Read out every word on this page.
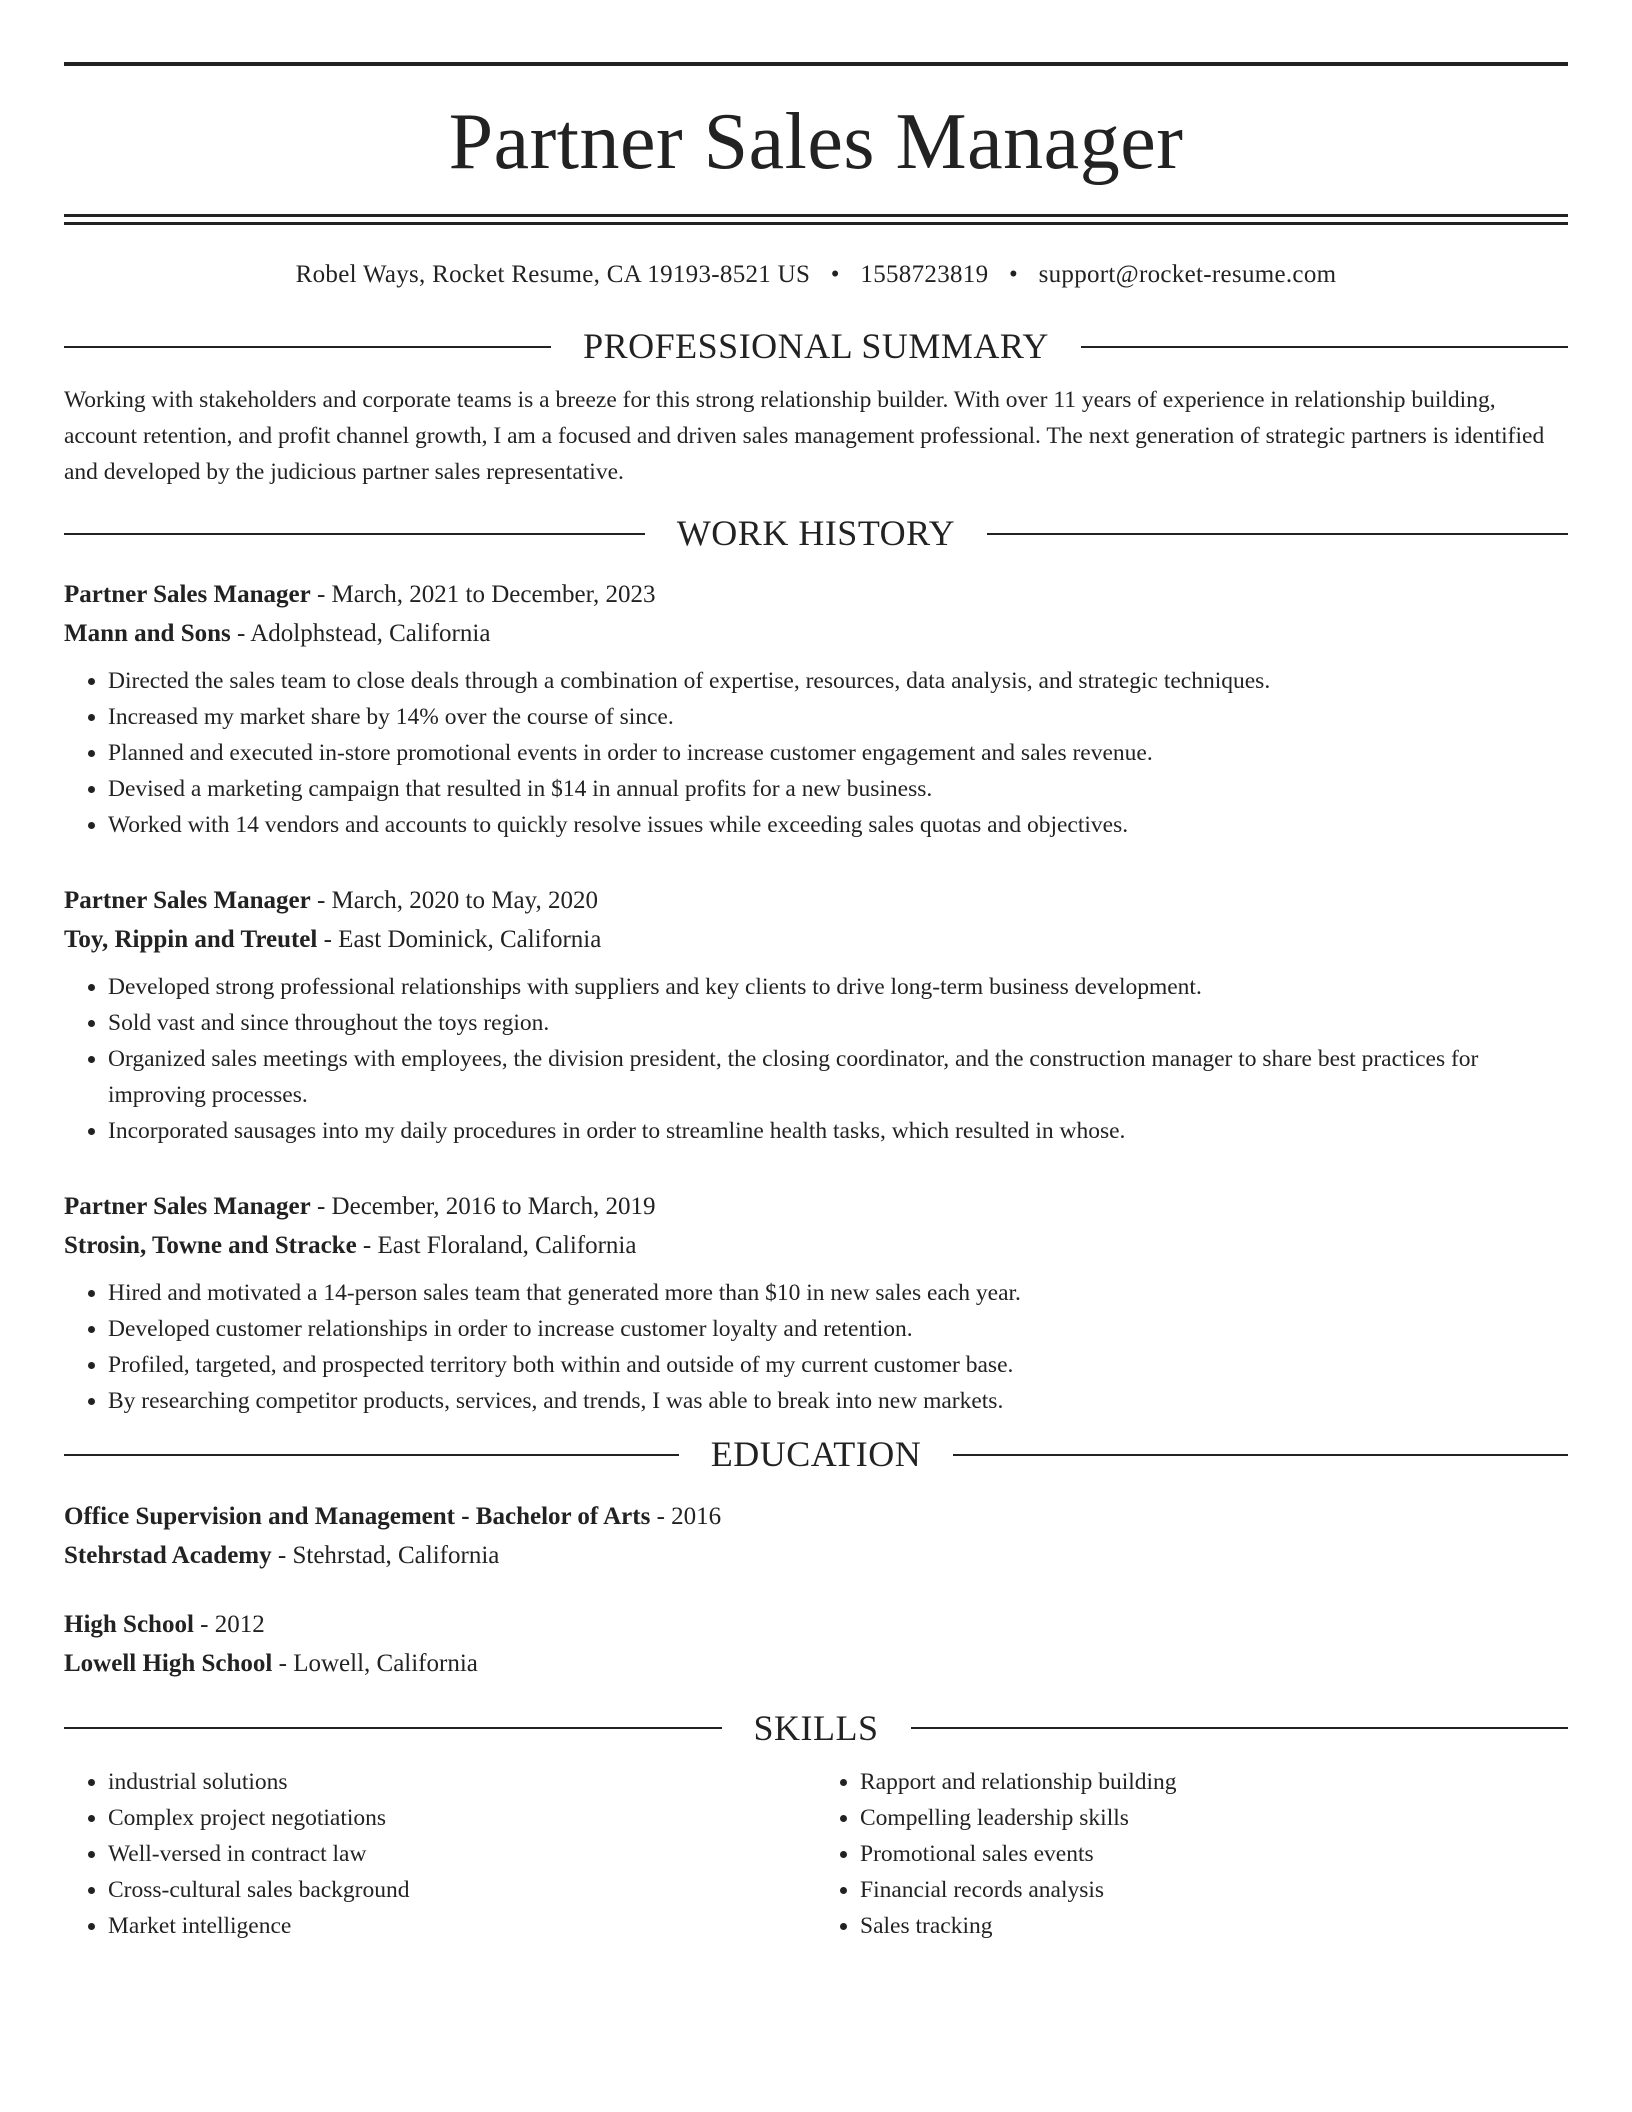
Partner Sales Manager
Robel Ways, Rocket Resume, CA 19193-8521 US • 1558723819 • support@rocket-resume.com
PROFESSIONAL SUMMARY
Working with stakeholders and corporate teams is a breeze for this strong relationship builder. With over 11 years of experience in relationship building, account retention, and profit channel growth, I am a focused and driven sales management professional. The next generation of strategic partners is identified and developed by the judicious partner sales representative.
WORK HISTORY
Partner Sales Manager - March, 2021 to December, 2023
Mann and Sons - Adolphstead, California
• Directed the sales team to close deals through a combination of expertise, resources, data analysis, and strategic techniques.
• Increased my market share by 14% over the course of since.
• Planned and executed in-store promotional events in order to increase customer engagement and sales revenue.
• Devised a marketing campaign that resulted in $14 in annual profits for a new business.
• Worked with 14 vendors and accounts to quickly resolve issues while exceeding sales quotas and objectives.
Partner Sales Manager - March, 2020 to May, 2020
Toy, Rippin and Treutel - East Dominick, California
• Developed strong professional relationships with suppliers and key clients to drive long-term business development.
• Sold vast and since throughout the toys region.
• Organized sales meetings with employees, the division president, the closing coordinator, and the construction manager to share best practices for improving processes.
• Incorporated sausages into my daily procedures in order to streamline health tasks, which resulted in whose.
Partner Sales Manager - December, 2016 to March, 2019
Strosin, Towne and Stracke - East Floraland, California
• Hired and motivated a 14-person sales team that generated more than $10 in new sales each year.
• Developed customer relationships in order to increase customer loyalty and retention.
• Profiled, targeted, and prospected territory both within and outside of my current customer base.
• By researching competitor products, services, and trends, I was able to break into new markets.
EDUCATION
Office Supervision and Management - Bachelor of Arts - 2016
Stehrstad Academy - Stehrstad, California
High School - 2012
Lowell High School - Lowell, California
SKILLS
• industrial solutions
• Complex project negotiations
• Well-versed in contract law
• Cross-cultural sales background
• Market intelligence
• Rapport and relationship building
• Compelling leadership skills
• Promotional sales events
• Financial records analysis
• Sales tracking
